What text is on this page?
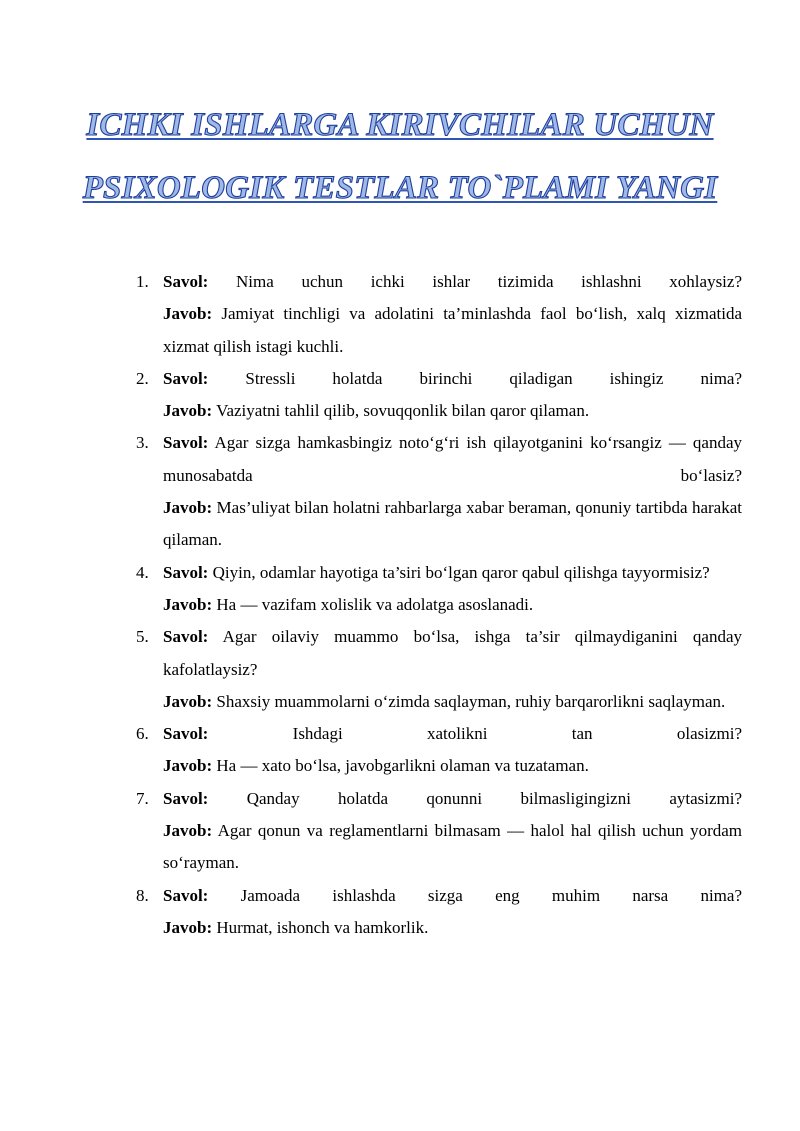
ICHKI ISHLARGA KIRIVCHILAR UCHUN
PSIXOLOGIK TESTLAR TO`PLAMI YANGI
1. Savol: Nima uchun ichki ishlar tizimida ishlashni xohlaysiz?
Javob: Jamiyat tinchligi va adolatini ta’minlashda faol bo‘lish, xalq xizmatida xizmat qilish istagi kuchli.
2. Savol: Stressli holatda birinchi qiladigan ishingiz nima?
Javob: Vaziyatni tahlil qilib, sovuqqonlik bilan qaror qilaman.
3. Savol: Agar sizga hamkasbingiz noto‘g‘ri ish qilayotganini ko‘rsangiz — qanday munosabatda bo‘lasiz?
Javob: Mas’uliyat bilan holatni rahbarlarga xabar beraman, qonuniy tartibda harakat qilaman.
4. Savol: Qiyin, odamlar hayotiga ta’siri bo‘lgan qaror qabul qilishga tayyormisiz?
Javob: Ha — vazifam xolislik va adolatga asoslanadi.
5. Savol: Agar oilaviy muammo bo‘lsa, ishga ta’sir qilmaydiganini qanday kafolatlaysiz?
Javob: Shaxsiy muammolarni o‘zimda saqlayman, ruhiy barqarorlikni saqlayman.
6. Savol:	Ishdagi xatolikni tan olasizmi?
Javob: Ha — xato bo‘lsa, javobgarlikni olaman va tuzataman.
7. Savol: Qanday holatda qonunni bilmasligingizni aytasizmi?
Javob: Agar qonun va reglamentlarni bilmasam — halol hal qilish uchun yordam so‘rayman.
8. Savol: Jamoada ishlashda sizga eng muhim narsa nima?
Javob: Hurmat, ishonch va hamkorlik.
